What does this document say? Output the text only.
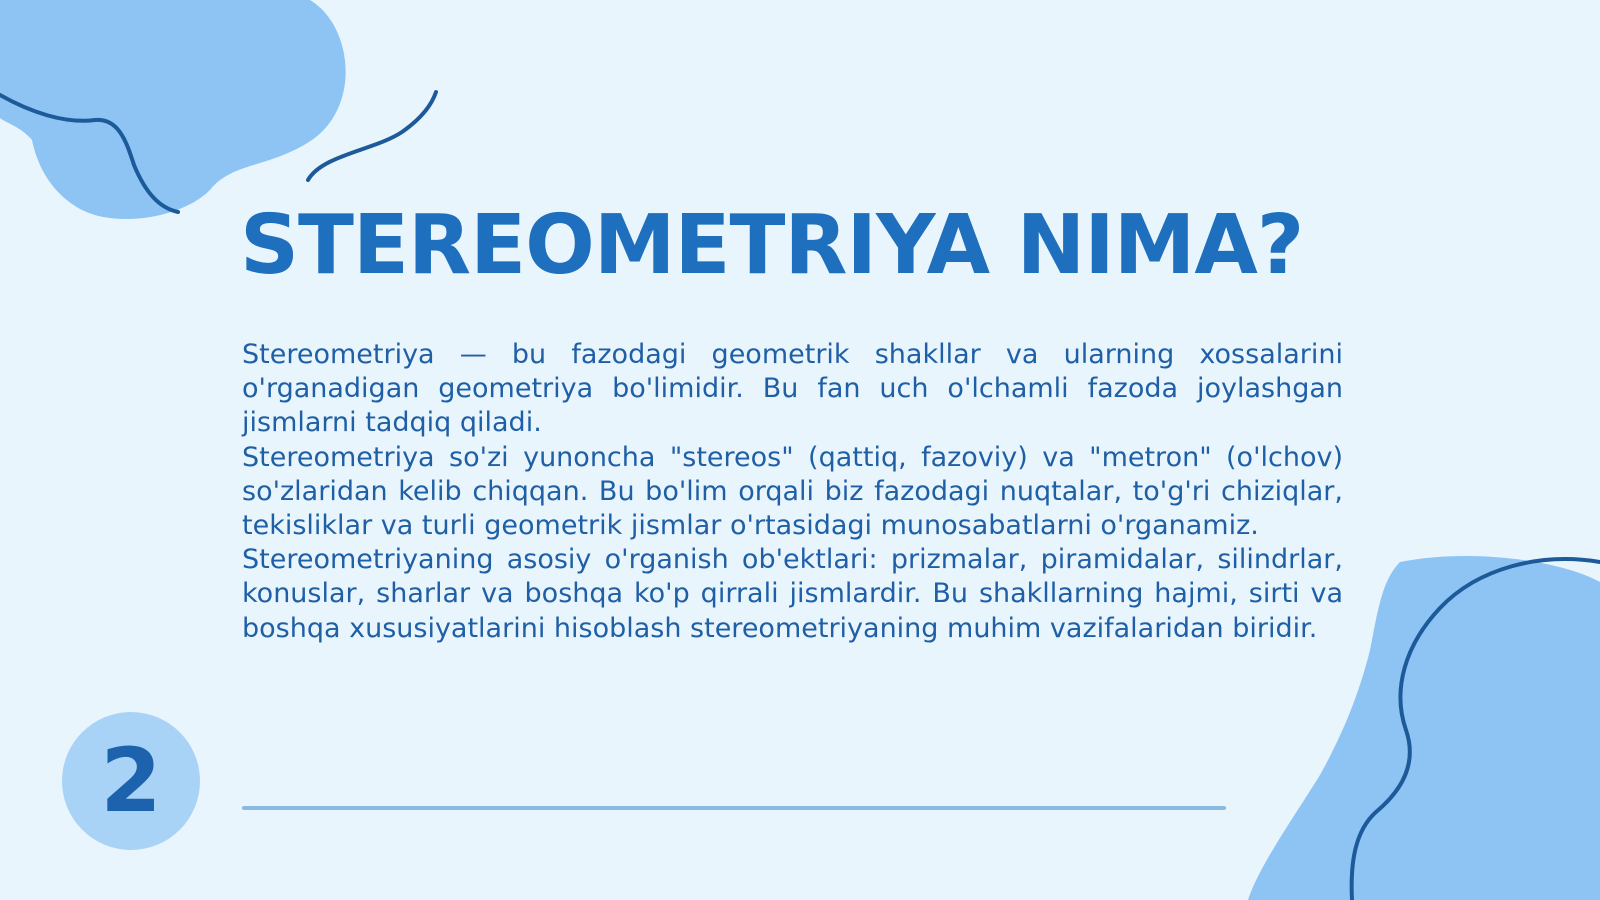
STEREOMETRIYA NIMA?

Stereometriya — bu fazodagi geometrik shakllar va ularning xossalarini o'rganadigan geometriya bo'limidir. Bu fan uch o'lchamli fazoda joylashgan jismlarni tadqiq qiladi.

Stereometriya so'zi yunoncha "stereos" (qattiq, fazoviy) va "metron" (o'lchov) so'zlaridan kelib chiqqan. Bu bo'lim orqali biz fazodagi nuqtalar, to'g'ri chiziqlar, tekisliklar va turli geometrik jismlar o'rtasidagi munosabatlarni o'rganamiz.

Stereometriyaning asosiy o'rganish ob'ektlari: prizmalar, piramidalar, silindrlar, konuslar, sharlar va boshqa ko'p qirrali jismlardir. Bu shakllarning hajmi, sirti va boshqa xususiyatlarini hisoblash stereometriyaning muhim vazifalaridan biridir.

2
